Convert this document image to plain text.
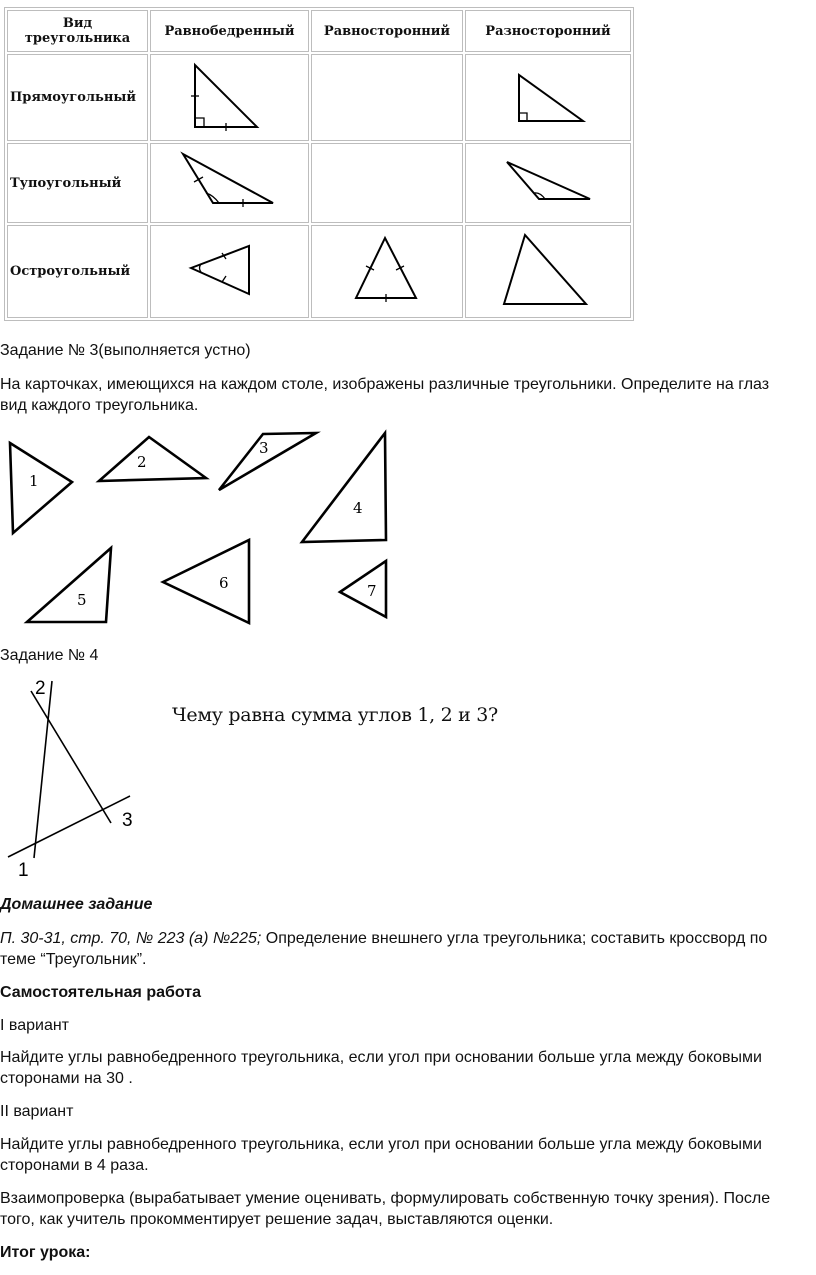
Вид треугольника	Равнобедренный	Равносторонний	Разносторонний
Прямоугольный	

Тупоугольный	

Остроугольный	

Задание № 3(выполняется устно)
На карточках, имеющихся на каждом столе, изображены различные треугольники. Определите на глаз вид каждого треугольника.
1
2
3
4
5
6	7
Задание № 4
2
3
1
Чему равна сумма углов 1, 2 и 3?
Домашнее задание
П. 30-31, стр. 70, № 223 (а) №225; Определение внешнего угла треугольника; составить кроссворд по теме “Треугольник”.
Самостоятельная работа
I вариант
Найдите углы равнобедренного треугольника, если угол при основании больше угла между боковыми сторонами на 30 .
II вариант
Найдите углы равнобедренного треугольника, если угол при основании больше угла между боковыми сторонами в 4 раза.
Взаимопроверка (вырабатывает умение оценивать, формулировать собственную точку зрения). После того, как учитель прокомментирует решение задач, выставляются оценки.
Итог урока:
